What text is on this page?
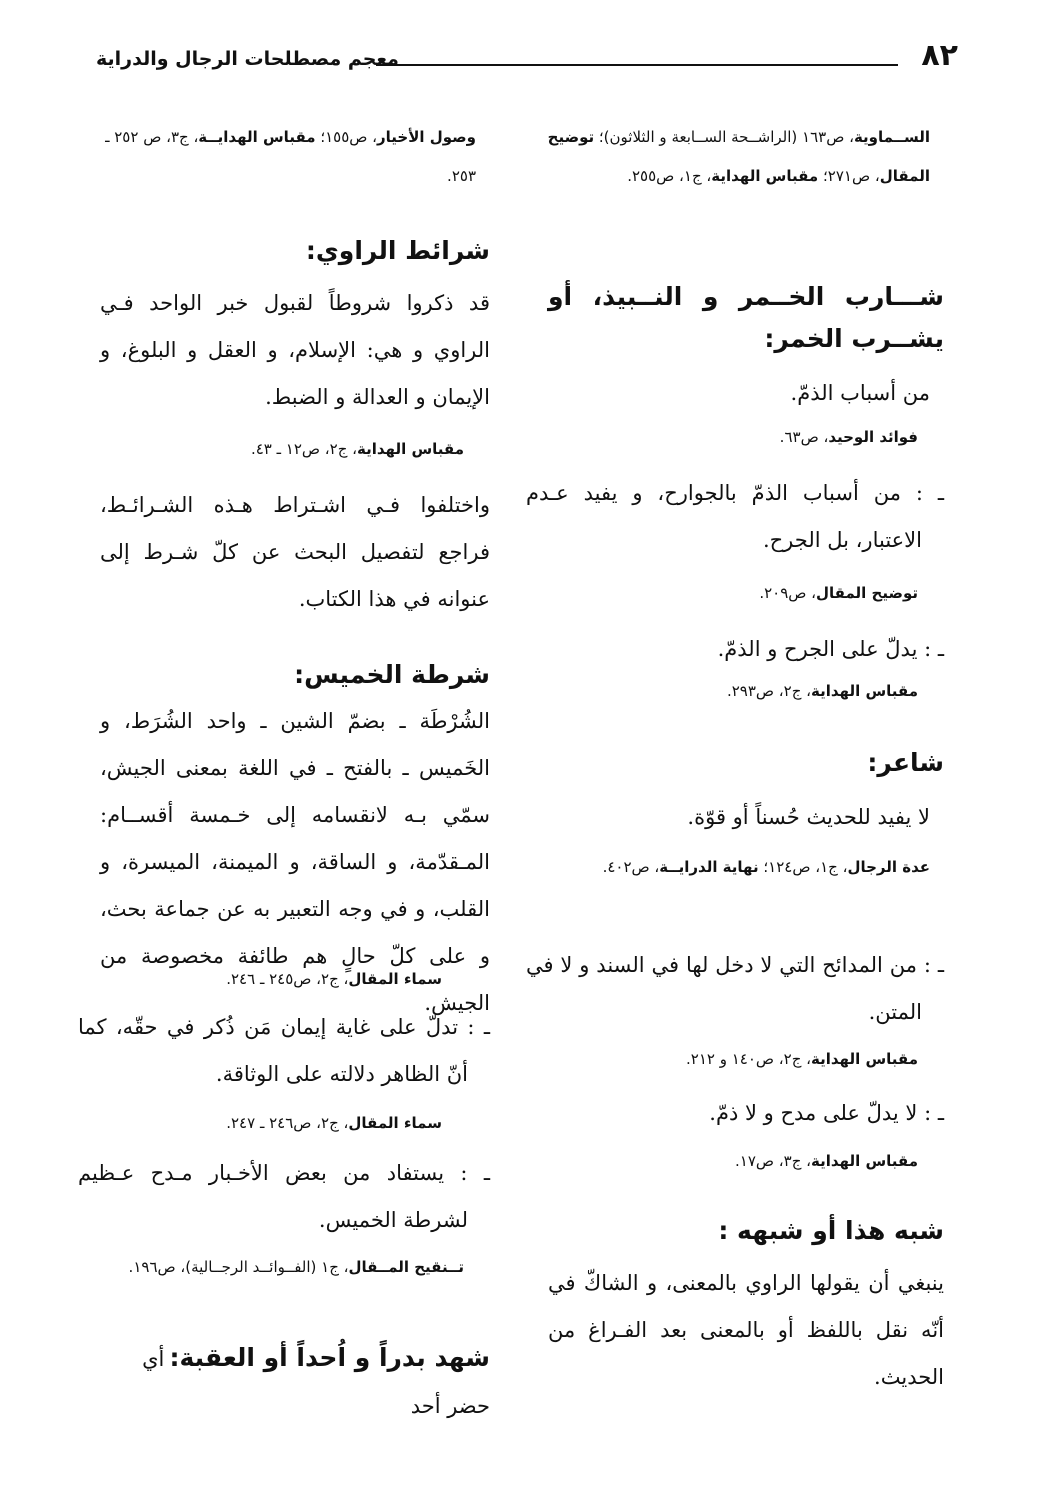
٨٢
معجم مصطلحات الرجال والدراية
الســماوية، ص١٦٣ (الراشــحة الســابعة و الثلاثون)؛ توضيح المقال، ص٢٧١؛ مقباس الهداية، ج١، ص٢٥٥.
شـــارب الخــمر و النــبيذ، أو يشــرب الخمر:
من أسباب الذمّ.
فوائد الوحيد، ص٦٣.
ـ : من أسباب الذمّ بالجوارح، و يفيد عـدم الاعتبار، بل الجرح.
توضيح المقال، ص٢٠٩.
ـ : يدلّ على الجرح و الذمّ.
مقباس الهداية، ج٢، ص٢٩٣.
شاعر:
لا يفيد للحديث حُسناً أو قوّة.
عدة الرجال، ج١، ص١٢٤؛ نهاية الدرايــة، ص٤٠٢.
ـ : من المدائح التي لا دخل لها في السند و لا في المتن.
مقباس الهداية، ج٢، ص١٤٠ و ٢١٢.
ـ : لا يدلّ على مدح و لا ذمّ.
مقباس الهداية، ج٣، ص١٧.
شبه هذا أو شبهه :
ينبغي أن يقولها الراوي بالمعنى، و الشاكّ في أنّه نقل باللفظ أو بالمعنى بعد الفـراغ من الحديث.
وصول الأخيار، ص١٥٥؛ مقباس الهدايــة، ج٣، ص ٢٥٢ ـ ٢٥٣.
شرائط الراوي:
قد ذكروا شروطاً لقبول خبر الواحد فـي الراوي و هي: الإسلام، و العقل و البلوغ، و الإيمان و العدالة و الضبط.
مقباس الهداية، ج٢، ص١٢ ـ ٤٣.
واختلفوا فـي اشـتراط هـذه الشـرائـط، فراجع لتفصيل البحث عن كلّ شـرط إلى عنوانه في هذا الكتاب.
شرطة الخميس:
الشُرْطَة ـ بضمّ الشين ـ واحد الشُرَط، و الخَميس ـ بالفتح ـ في اللغة بمعنى الجيش، سمّي بـه لانقسامه إلى خـمسة أقســام: المـقدّمة، و الساقة، و الميمنة، الميسرة، و القلب، و في وجه التعبير به عن جماعة بحث، و على كلّ حالٍ هم طائفة مخصوصة من الجيش.
سماء المقال، ج٢، ص٢٤٥ ـ ٢٤٦.
ـ : تدلّ على غاية إيمان مَن ذُكر في حقّه، كما أنّ الظاهر دلالته على الوثاقة.
سماء المقال، ج٢، ص٢٤٦ ـ ٢٤٧.
ـ : يستفاد من بعض الأخـبار مـدح عـظيم لشرطة الخميس.
تــنقيح المــقال، ج١ (الفــوائــد الرجــالية)، ص١٩٦.
شهد بدراً و اُحداً أو العقبة: أي حضر أحد
